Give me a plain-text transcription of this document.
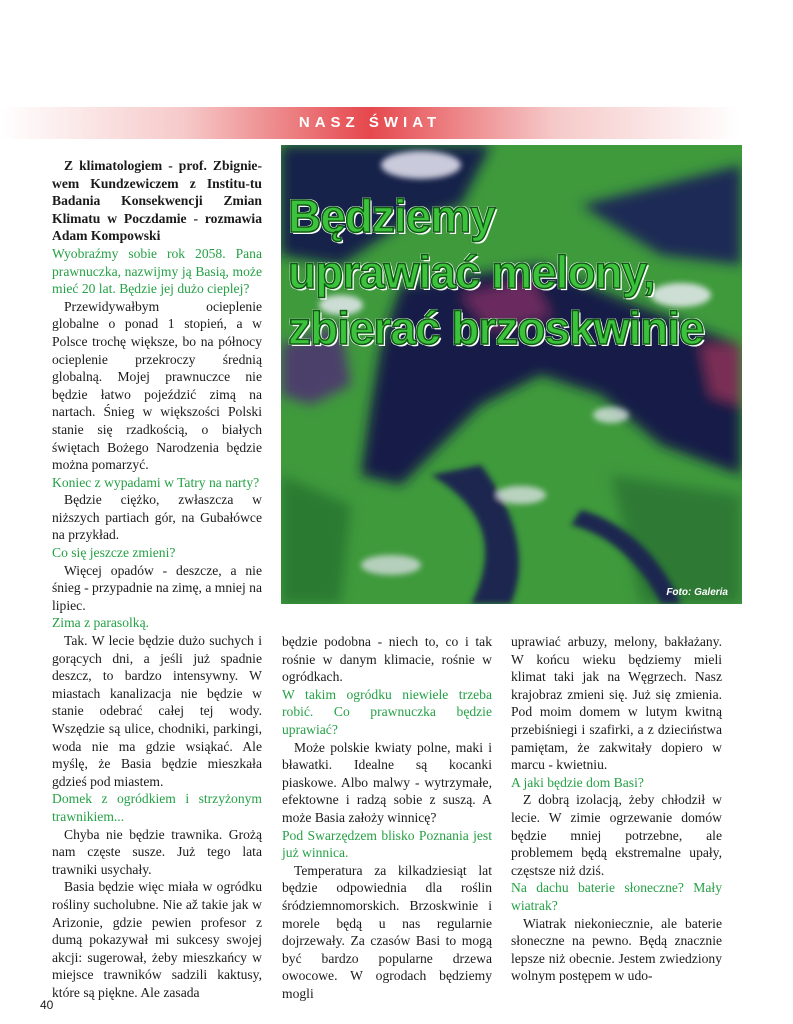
NASZ ŚWIAT
Foto: Galeria
Będziemy
uprawiać melony,
zbierać brzoskwinie

Z klimatologiem - prof. Zbignie-wem Kundzewiczem z Institu-tu Badania Konsekwencji Zmian Klimatu w Poczdamie - rozmawia Adam Kompowski

Wyobraźmy sobie rok 2058. Pana prawnuczka, nazwijmy ją Basią, może mieć 20 lat. Będzie jej dużo cieplej?

Przewidywałbym ocieplenie globalne o ponad 1 stopień, a w Polsce trochę większe, bo na północy ocieplenie przekroczy średnią globalną. Mojej prawnuczce nie będzie łatwo pojeździć zimą na nartach. Śnieg w większości Polski stanie się rzadkością, o białych świętach Bożego Narodzenia będzie można pomarzyć.

Koniec z wypadami w Tatry na narty?

Będzie ciężko, zwłaszcza w niższych partiach gór, na Gubałówce na przykład.

Co się jeszcze zmieni?

Więcej opadów - deszcze, a nie śnieg - przypadnie na zimę, a mniej na lipiec.

Zima z parasolką.

Tak. W lecie będzie dużo suchych i gorących dni, a jeśli już spadnie deszcz, to bardzo intensywny. W miastach kanalizacja nie będzie w stanie odebrać całej tej wody. Wszędzie są ulice, chodniki, parkingi, woda nie ma gdzie wsiąkać. Ale myślę, że Basia będzie mieszkała gdzieś pod miastem.

Domek z ogródkiem i strzyżonym trawnikiem...

Chyba nie będzie trawnika. Grożą nam częste susze. Już tego lata trawniki usychały.

Basia będzie więc miała w ogródku rośliny sucholubne. Nie až takie jak w Arizonie, gdzie pewien profesor z dumą pokazywał mi sukcesy swojej akcji: sugerował, żeby mieszkańcy w miejsce trawników sadzili kaktusy, które są piękne. Ale zasada

będzie podobna - niech to, co i tak rośnie w danym klimacie, rośnie w ogródkach.

W takim ogródku niewiele trzeba robić. Co prawnuczka będzie uprawiać?

Może polskie kwiaty polne, maki i bławatki. Idealne są kocanki piaskowe. Albo malwy - wytrzymałe, efektowne i radzą sobie z suszą. A może Basia założy winnicę?

Pod Swarzędzem blisko Poznania jest już winnica.

Temperatura za kilkadziesiąt lat będzie odpowiednia dla roślin śródziemnomorskich. Brzoskwinie i morele będą u nas regularnie dojrzewały. Za czasów Basi to mogą być bardzo popularne drzewa owocowe. W ogrodach będziemy mogli

uprawiać arbuzy, melony, bakłażany. W końcu wieku będziemy mieli klimat taki jak na Węgrzech. Nasz krajobraz zmieni się. Już się zmienia. Pod moim domem w lutym kwitną przebiśniegi i szafirki, a z dzieciństwa pamiętam, że zakwitały dopiero w marcu - kwietniu.

A jaki będzie dom Basi?

Z dobrą izolacją, żeby chłodził w lecie. W zimie ogrzewanie domów będzie mniej potrzebne, ale problemem będą ekstremalne upały, częstsze niż dziś.

Na dachu baterie słoneczne? Mały wiatrak?

Wiatrak niekoniecznie, ale baterie słoneczne na pewno. Będą znacznie lepsze niż obecnie. Jestem zwiedziony wolnym postępem w udo-

40
